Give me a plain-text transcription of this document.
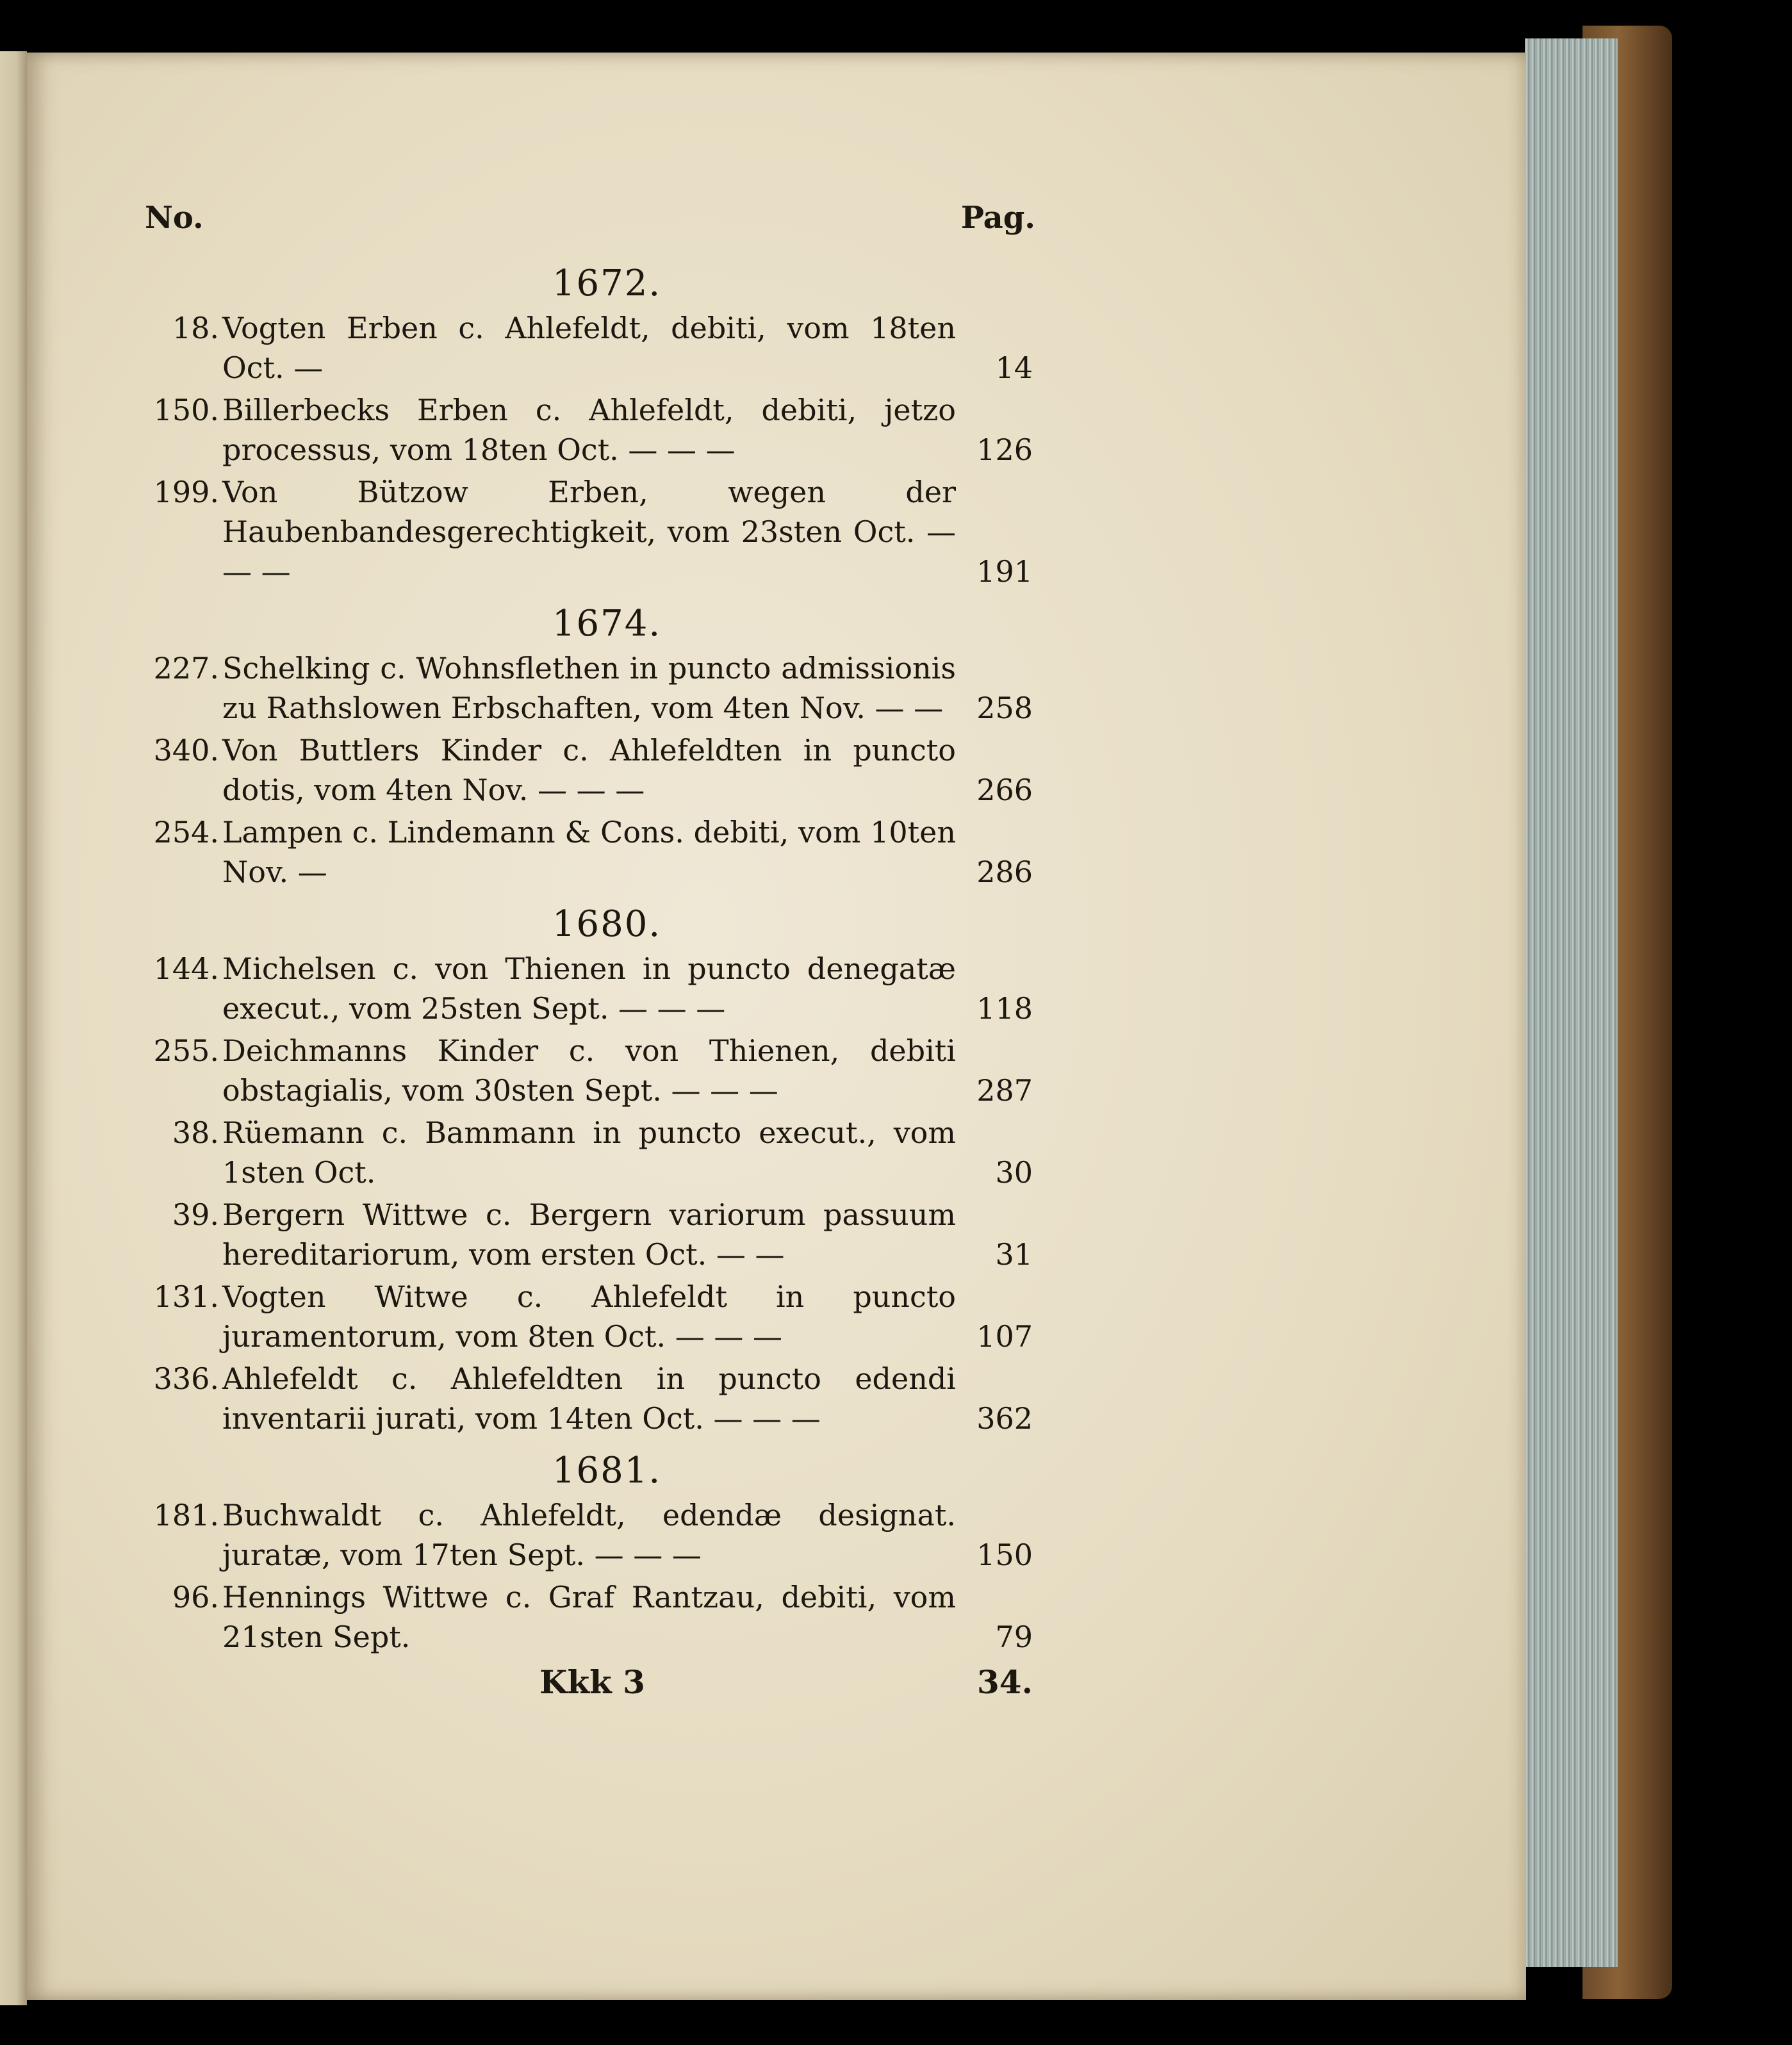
No.	Pag.
1672.
18. Vogten Erben c. Ahlefeldt, debiti, vom 18ten Oct. —	14
150. Billerbecks Erben c. Ahlefeldt, debiti, jetzo processus, vom 18ten Oct. — — —	126
199. Von Bützow Erben, wegen der Haubenbandesgerechtigkeit, vom 23sten Oct. — — —	191
1674.
227. Schelking c. Wohnsflethen in puncto admissionis zu Rathslowen Erbschaften, vom 4ten Nov. — —	258
340. Von Buttlers Kinder c. Ahlefeldten in puncto dotis, vom 4ten Nov. — — —	266
254. Lampen c. Lindemann & Cons. debiti, vom 10ten Nov. —	286
1680.
144. Michelsen c. von Thienen in puncto denegatæ execut., vom 25sten Sept. — — —	118
255. Deichmanns Kinder c. von Thienen, debiti obstagialis, vom 30sten Sept. — — —	287
38. Rüemann c. Bammann in puncto execut., vom 1sten Oct.	30
39. Bergern Wittwe c. Bergern variorum passuum hereditariorum, vom ersten Oct. — —	31
131. Vogten Witwe c. Ahlefeldt in puncto juramentorum, vom 8ten Oct. — — —	107
336. Ahlefeldt c. Ahlefeldten in puncto edendi inventarii jurati, vom 14ten Oct. — — —	362
1681.
181. Buchwaldt c. Ahlefeldt, edendæ designat. juratæ, vom 17ten Sept. — — —	150
96. Hennings Wittwe c. Graf Rantzau, debiti, vom 21sten Sept.	79
Kkk 3	34.
